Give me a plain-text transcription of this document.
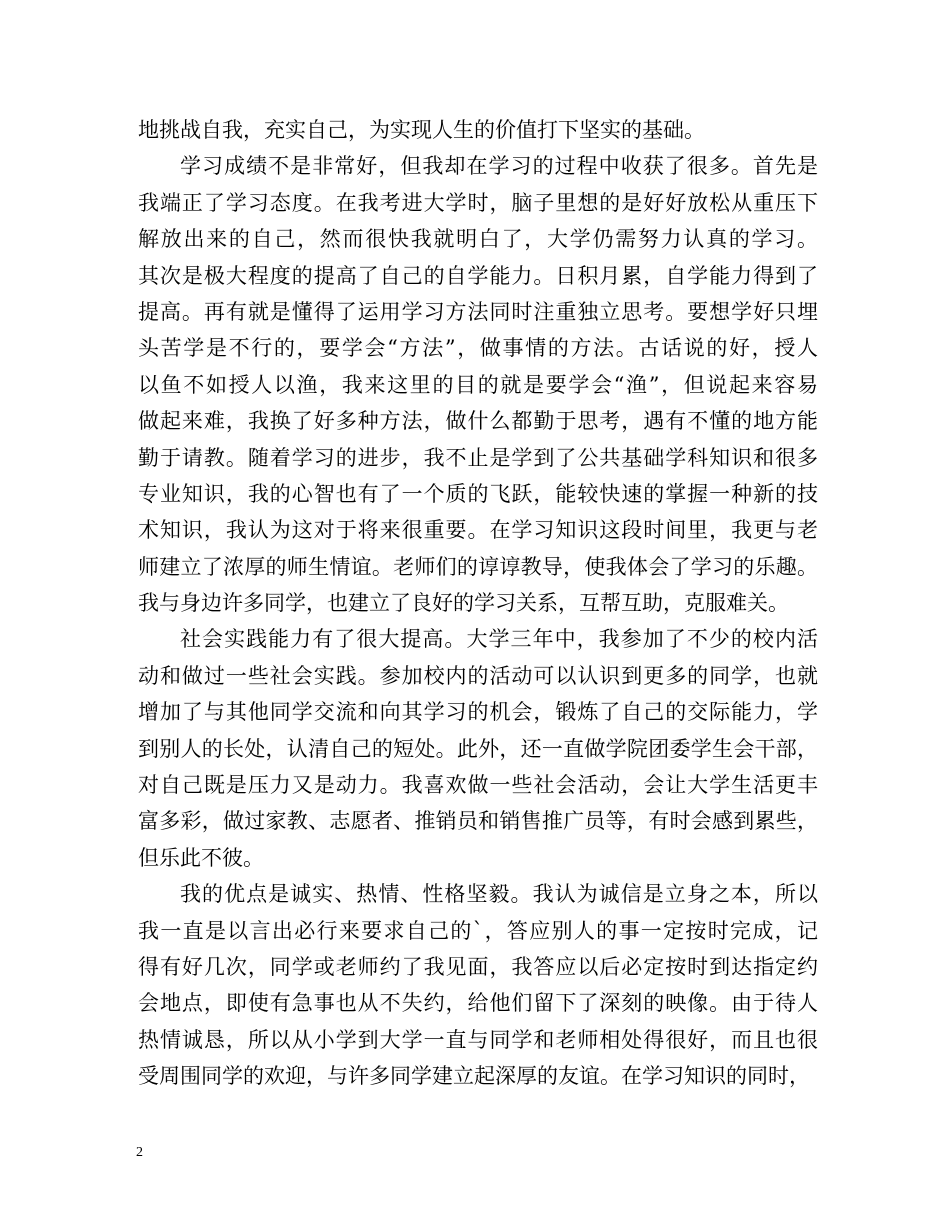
地挑战自我，充实自己，为实现人生的价值打下坚实的基础。
学习成绩不是非常好，但我却在学习的过程中收获了很多。首先是
我端正了学习态度。在我考进大学时，脑子里想的是好好放松从重压下
解放出来的自己，然而很快我就明白了，大学仍需努力认真的学习。
其次是极大程度的提高了自己的自学能力。日积月累，自学能力得到了
提高。再有就是懂得了运用学习方法同时注重独立思考。要想学好只埋
头苦学是不行的，要学会“方法”，做事情的方法。古话说的好，授人
以鱼不如授人以渔，我来这里的目的就是要学会“渔”，但说起来容易
做起来难，我换了好多种方法，做什么都勤于思考，遇有不懂的地方能
勤于请教。随着学习的进步，我不止是学到了公共基础学科知识和很多
专业知识，我的心智也有了一个质的飞跃，能较快速的掌握一种新的技
术知识，我认为这对于将来很重要。在学习知识这段时间里，我更与老
师建立了浓厚的师生情谊。老师们的谆谆教导，使我体会了学习的乐趣。
我与身边许多同学，也建立了良好的学习关系，互帮互助，克服难关。
社会实践能力有了很大提高。大学三年中，我参加了不少的校内活
动和做过一些社会实践。参加校内的活动可以认识到更多的同学，也就
增加了与其他同学交流和向其学习的机会，锻炼了自己的交际能力，学
到别人的长处，认清自己的短处。此外，还一直做学院团委学生会干部，
对自己既是压力又是动力。我喜欢做一些社会活动，会让大学生活更丰
富多彩，做过家教、志愿者、推销员和销售推广员等，有时会感到累些，
但乐此不彼。
我的优点是诚实、热情、性格坚毅。我认为诚信是立身之本，所以
我一直是以言出必行来要求自己的`，答应别人的事一定按时完成，记
得有好几次，同学或老师约了我见面，我答应以后必定按时到达指定约
会地点，即使有急事也从不失约，给他们留下了深刻的映像。由于待人
热情诚恳，所以从小学到大学一直与同学和老师相处得很好，而且也很
受周围同学的欢迎，与许多同学建立起深厚的友谊。在学习知识的同时，
2
